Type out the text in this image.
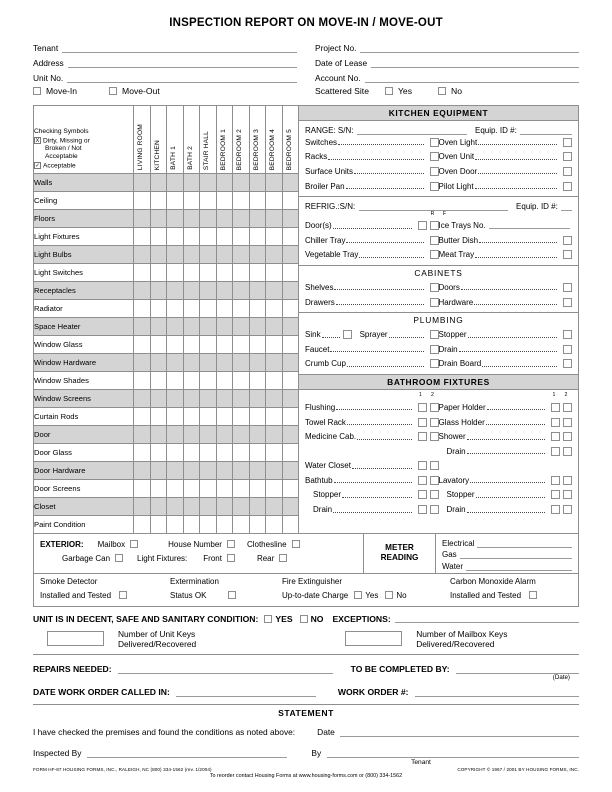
INSPECTION REPORT ON MOVE-IN / MOVE-OUT
Tenant
Address
Unit No.
Move-In	Move-Out
Project No.
Date of Lease
Account No.
Scattered Site	Yes	No
Checking Symbols
X Dirty, Missing or
Broken / Not
Acceptable
✓ Acceptable	LIVING ROOM	KITCHEN	BATH 1	BATH 2	STAIR HALL	BEDROOM 1	BEDROOM 2	BEDROOM 3	BEDROOM 4	BEDROOM 5

Walls										
Ceiling										
Floors										
Light Fixtures										
Light Bulbs										
Light Switches										
Receptacles										
Radiator										
Space Heater										
Window Glass										
Window Hardware										
Window Shades										
Window Screens										
Curtain Rods										
Door										
Door Glass										
Door Hardware										
Door Screens										
Closet										
Paint Condition										
KITCHEN EQUIPMENT
RANGE: S/N:	Equip. ID #:
Switches	Oven Light
Racks	Oven Unit
Surface Units	Oven Door
Broiler Pan	Pilot Light
REFRIG.:S/N:	Equip. ID #:
R	F
Door(s)	Ice Trays No.
Chiller Tray	Butter Dish
Vegetable Tray	Meat Tray
CABINETS
Shelves	Doors
Drawers	Hardware
PLUMBING
Sink	Sprayer	Stopper
Faucet	Drain
Crumb Cup	Drain Board
BATHROOM FIXTURES
1	2	1	2
Flushing	Paper Holder
Towel Rack	Glass Holder
Medicine Cab.	Shower
Drain
Water Closet
Bathtub	Lavatory
Stopper	Stopper
Drain	Drain
EXTERIOR: Mailbox	House Number	Clothesline
Garbage Can	Light Fixtures: Front	Rear
METER
READING
Electrical
Gas
Water
Smoke Detector
Installed and Tested
Extermination
Status OK
Fire Extinguisher
Up-to-date Charge Yes No
Carbon Monoxide Alarm
Installed and Tested
UNIT IS IN DECENT, SAFE AND SANITARY CONDITION: YES NO EXCEPTIONS:
Number of Unit Keys Delivered/Recovered
Number of Mailbox Keys Delivered/Recovered
REPAIRS NEEDED:	TO BE COMPLETED BY:
(Date)
DATE WORK ORDER CALLED IN:	WORK ORDER #:
STATEMENT
I have checked the premises and found the conditions as noted above:	Date
Inspected By	By
Tenant
FORM HF-87 HOUSING FORMS, INC., RALEIGH, NC (800) 334-1562 (rev. 1/2004)	COPYRIGHT © 1967 / 2001 BY HOUSING FORMS, INC.
To reorder contact Housing Forms at www.housing-forms.com or (800) 334-1562
